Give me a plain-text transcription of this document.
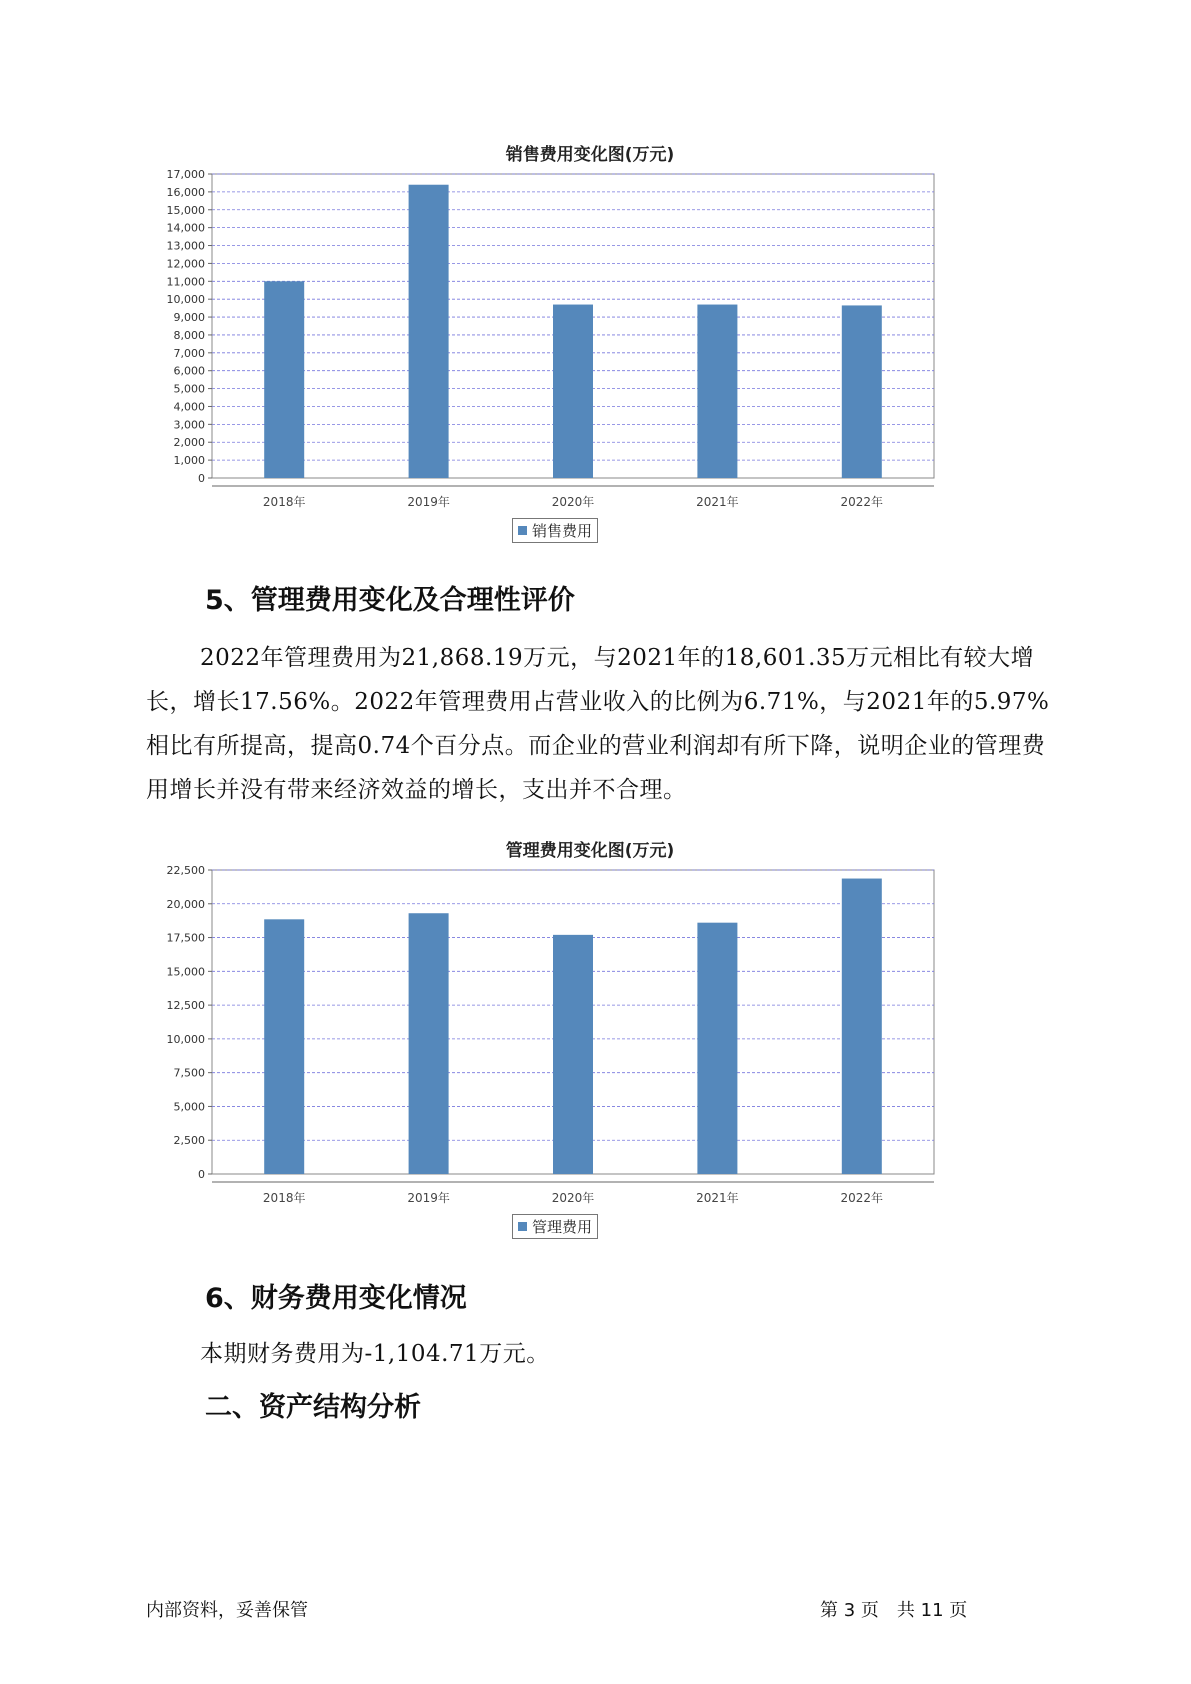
销售费用变化图(万元)
0
1,000
2,000
3,000
4,000
5,000
6,000
7,000
8,000
9,000
10,000
11,000
12,000
13,000
14,000
15,000
16,000
17,000
2018年	2019年	2020年	2021年	2022年
销售费用
5、管理费用变化及合理性评价
2022年管理费用为21,868.19万元，与2021年的18,601.35万元相比有较大增长，增长17.56%。2022年管理费用占营业收入的比例为6.71%，与2021年的5.97%相比有所提高，提高0.74个百分点。而企业的营业利润却有所下降，说明企业的管理费用增长并没有带来经济效益的增长，支出并不合理。
管理费用变化图(万元)
0
2,500
5,000
7,500
10,000
12,500
15,000
17,500
20,000
22,500
2018年	2019年	2020年	2021年	2022年
管理费用
6、财务费用变化情况
本期财务费用为-1,104.71万元。
二、资产结构分析
内部资料，妥善保管	第 3 页　共 11 页
